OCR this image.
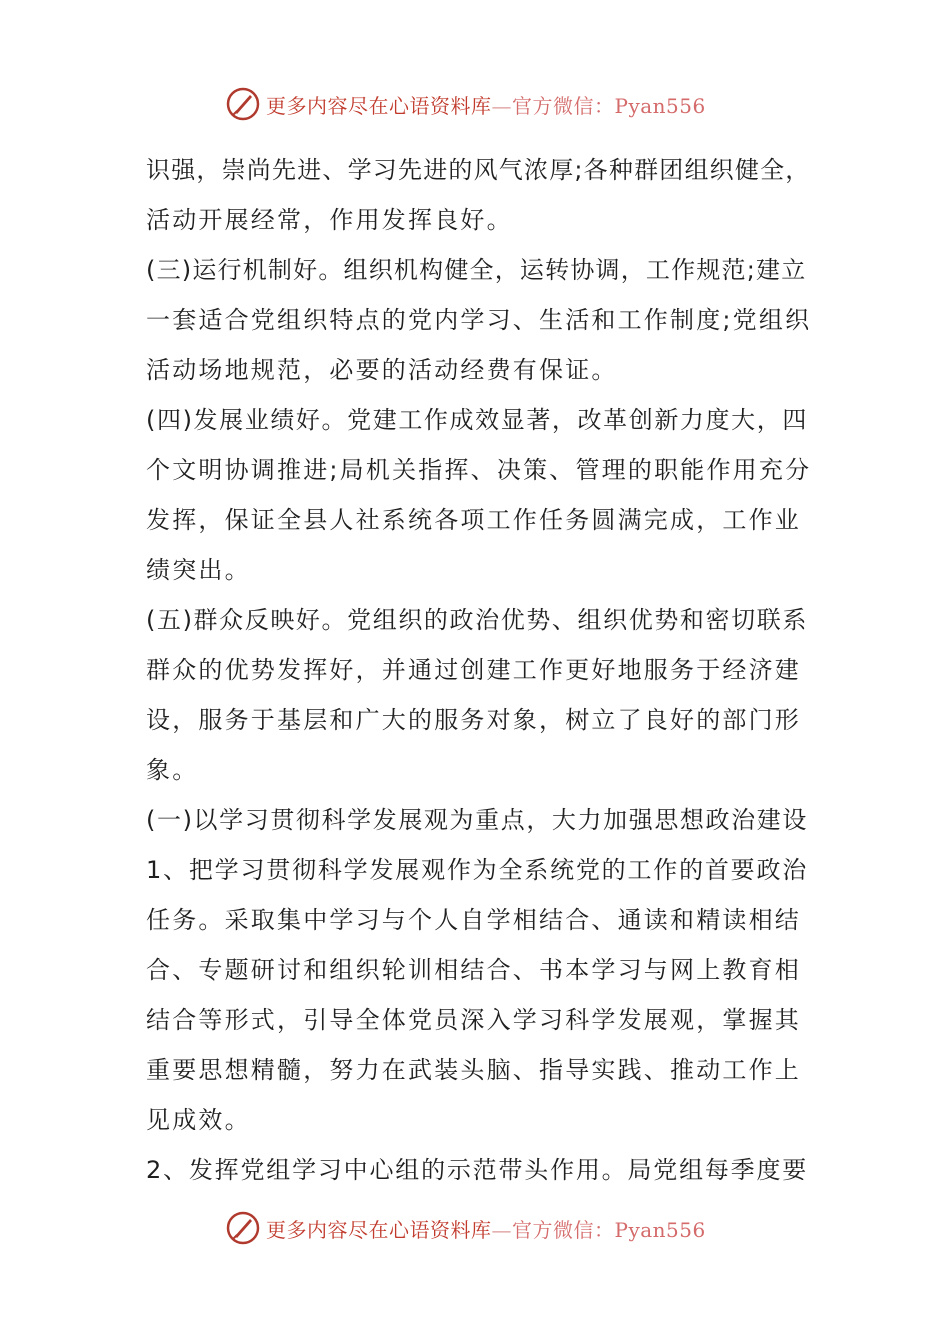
更多内容尽在心语资料库—官方微信：Pyan556
识强，崇尚先进、学习先进的风气浓厚;各种群团组织健全，
活动开展经常，作用发挥良好。
(三)运行机制好。组织机构健全，运转协调，工作规范;建立
一套适合党组织特点的党内学习、生活和工作制度;党组织
活动场地规范，必要的活动经费有保证。
(四)发展业绩好。党建工作成效显著，改革创新力度大，四
个文明协调推进;局机关指挥、决策、管理的职能作用充分
发挥，保证全县人社系统各项工作任务圆满完成，工作业
绩突出。
(五)群众反映好。党组织的政治优势、组织优势和密切联系
群众的优势发挥好，并通过创建工作更好地服务于经济建
设，服务于基层和广大的服务对象，树立了良好的部门形
象。
(一)以学习贯彻科学发展观为重点，大力加强思想政治建设
1、把学习贯彻科学发展观作为全系统党的工作的首要政治
任务。采取集中学习与个人自学相结合、通读和精读相结
合、专题研讨和组织轮训相结合、书本学习与网上教育相
结合等形式，引导全体党员深入学习科学发展观，掌握其
重要思想精髓，努力在武装头脑、指导实践、推动工作上
见成效。
2、发挥党组学习中心组的示范带头作用。局党组每季度要
更多内容尽在心语资料库—官方微信：Pyan556
